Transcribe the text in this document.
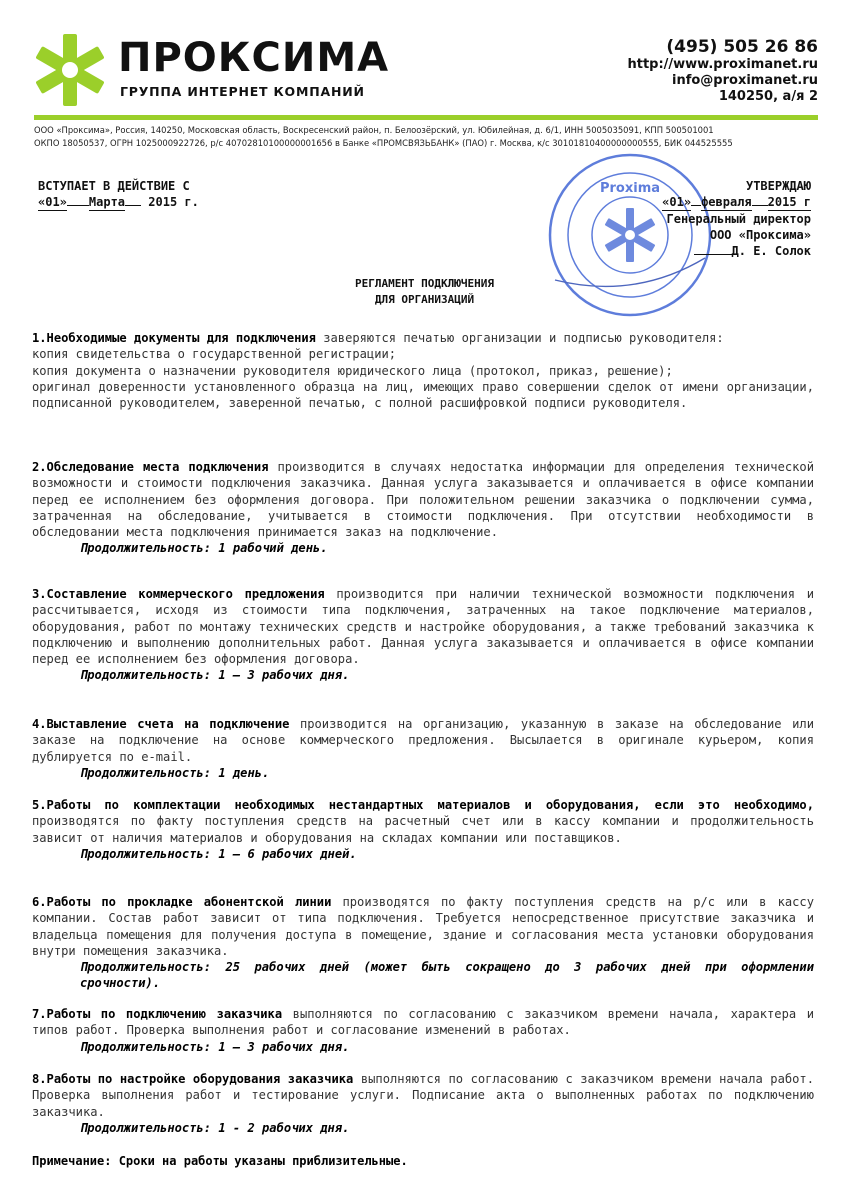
ПРОКСИМА
ГРУППА ИНТЕРНЕТ КОМПАНИЙ
(495) 505 26 86
http://www.proximanet.ru
info@proximanet.ru
140250, а/я 2
ООО «Проксима», Россия, 140250, Московская область, Воскресенский район, п. Белоозёрский, ул. Юбилейная, д. 6/1, ИНН 5005035091, КПП 500501001
ОКПО 18050537, ОГРН 1025000922726, р/с 40702810100000001656 в Банке «ПРОМСВЯЗЬБАНК» (ПАО) г. Москва, к/с 30101810400000000555, БИК 044525555
ВСТУПАЕТ В ДЕЙСТВИЕ С
«01» Марта 2015 г.
Proxima	УТВЕРЖДАЮ
«01» февраля 2015 г
Генеральный директор
ООО «Проксима»
Д. Е. Солок
РЕГЛАМЕНТ ПОДКЛЮЧЕНИЯ
ДЛЯ ОРГАНИЗАЦИЙ
1.Необходимые документы для подключения заверяются печатью организации и подписью руководителя:
копия свидетельства о государственной регистрации;
копия документа о назначении руководителя юридического лица (протокол, приказ, решение);
оригинал доверенности установленного образца на лиц, имеющих право совершении сделок от имени организации, подписанной руководителем, заверенной печатью, с полной расшифровкой подписи руководителя.
2.Обследование места подключения производится в случаях недостатка информации для определения технической возможности и стоимости подключения заказчика. Данная услуга заказывается и оплачивается в офисе компании перед ее исполнением без оформления договора. При положительном решении заказчика о подключении сумма, затраченная на обследование, учитывается в стоимости подключения. При отсутствии необходимости в обследовании места подключения принимается заказ на подключение.
Продолжительность: 1 рабочий день.
3.Составление коммерческого предложения производится при наличии технической возможности подключения и рассчитывается, исходя из стоимости типа подключения, затраченных на такое подключение материалов, оборудования, работ по монтажу технических средств и настройке оборудования, а также требований заказчика к подключению и выполнению дополнительных работ. Данная услуга заказывается и оплачивается в офисе компании перед ее исполнением без оформления договора.
Продолжительность: 1 – 3 рабочих дня.
4.Выставление счета на подключение производится на организацию, указанную в заказе на обследование или заказе на подключение на основе коммерческого предложения. Высылается в оригинале курьером, копия дублируется по e-mail.
Продолжительность: 1 день.
5.Работы по комплектации необходимых нестандартных материалов и оборудования, если это необходимо, производятся по факту поступления средств на расчетный счет или в кассу компании и продолжительность зависит от наличия материалов и оборудования на складах компании или поставщиков.
Продолжительность: 1 – 6 рабочих дней.
6.Работы по прокладке абонентской линии производятся по факту поступления средств на р/с или в кассу компании. Состав работ зависит от типа подключения. Требуется непосредственное присутствие заказчика и владельца помещения для получения доступа в помещение, здание и согласования места установки оборудования внутри помещения заказчика.
Продолжительность: 25 рабочих дней (может быть сокращено до 3 рабочих дней при оформлении срочности).
7.Работы по подключению заказчика выполняются по согласованию с заказчиком времени начала, характера и типов работ. Проверка выполнения работ и согласование изменений в работах.
Продолжительность: 1 – 3 рабочих дня.
8.Работы по настройке оборудования заказчика выполняются по согласованию с заказчиком времени начала работ. Проверка выполнения работ и тестирование услуги. Подписание акта о выполненных работах по подключению заказчика.
Продолжительность: 1 - 2 рабочих дня.
Примечание: Сроки на работы указаны приблизительные.
